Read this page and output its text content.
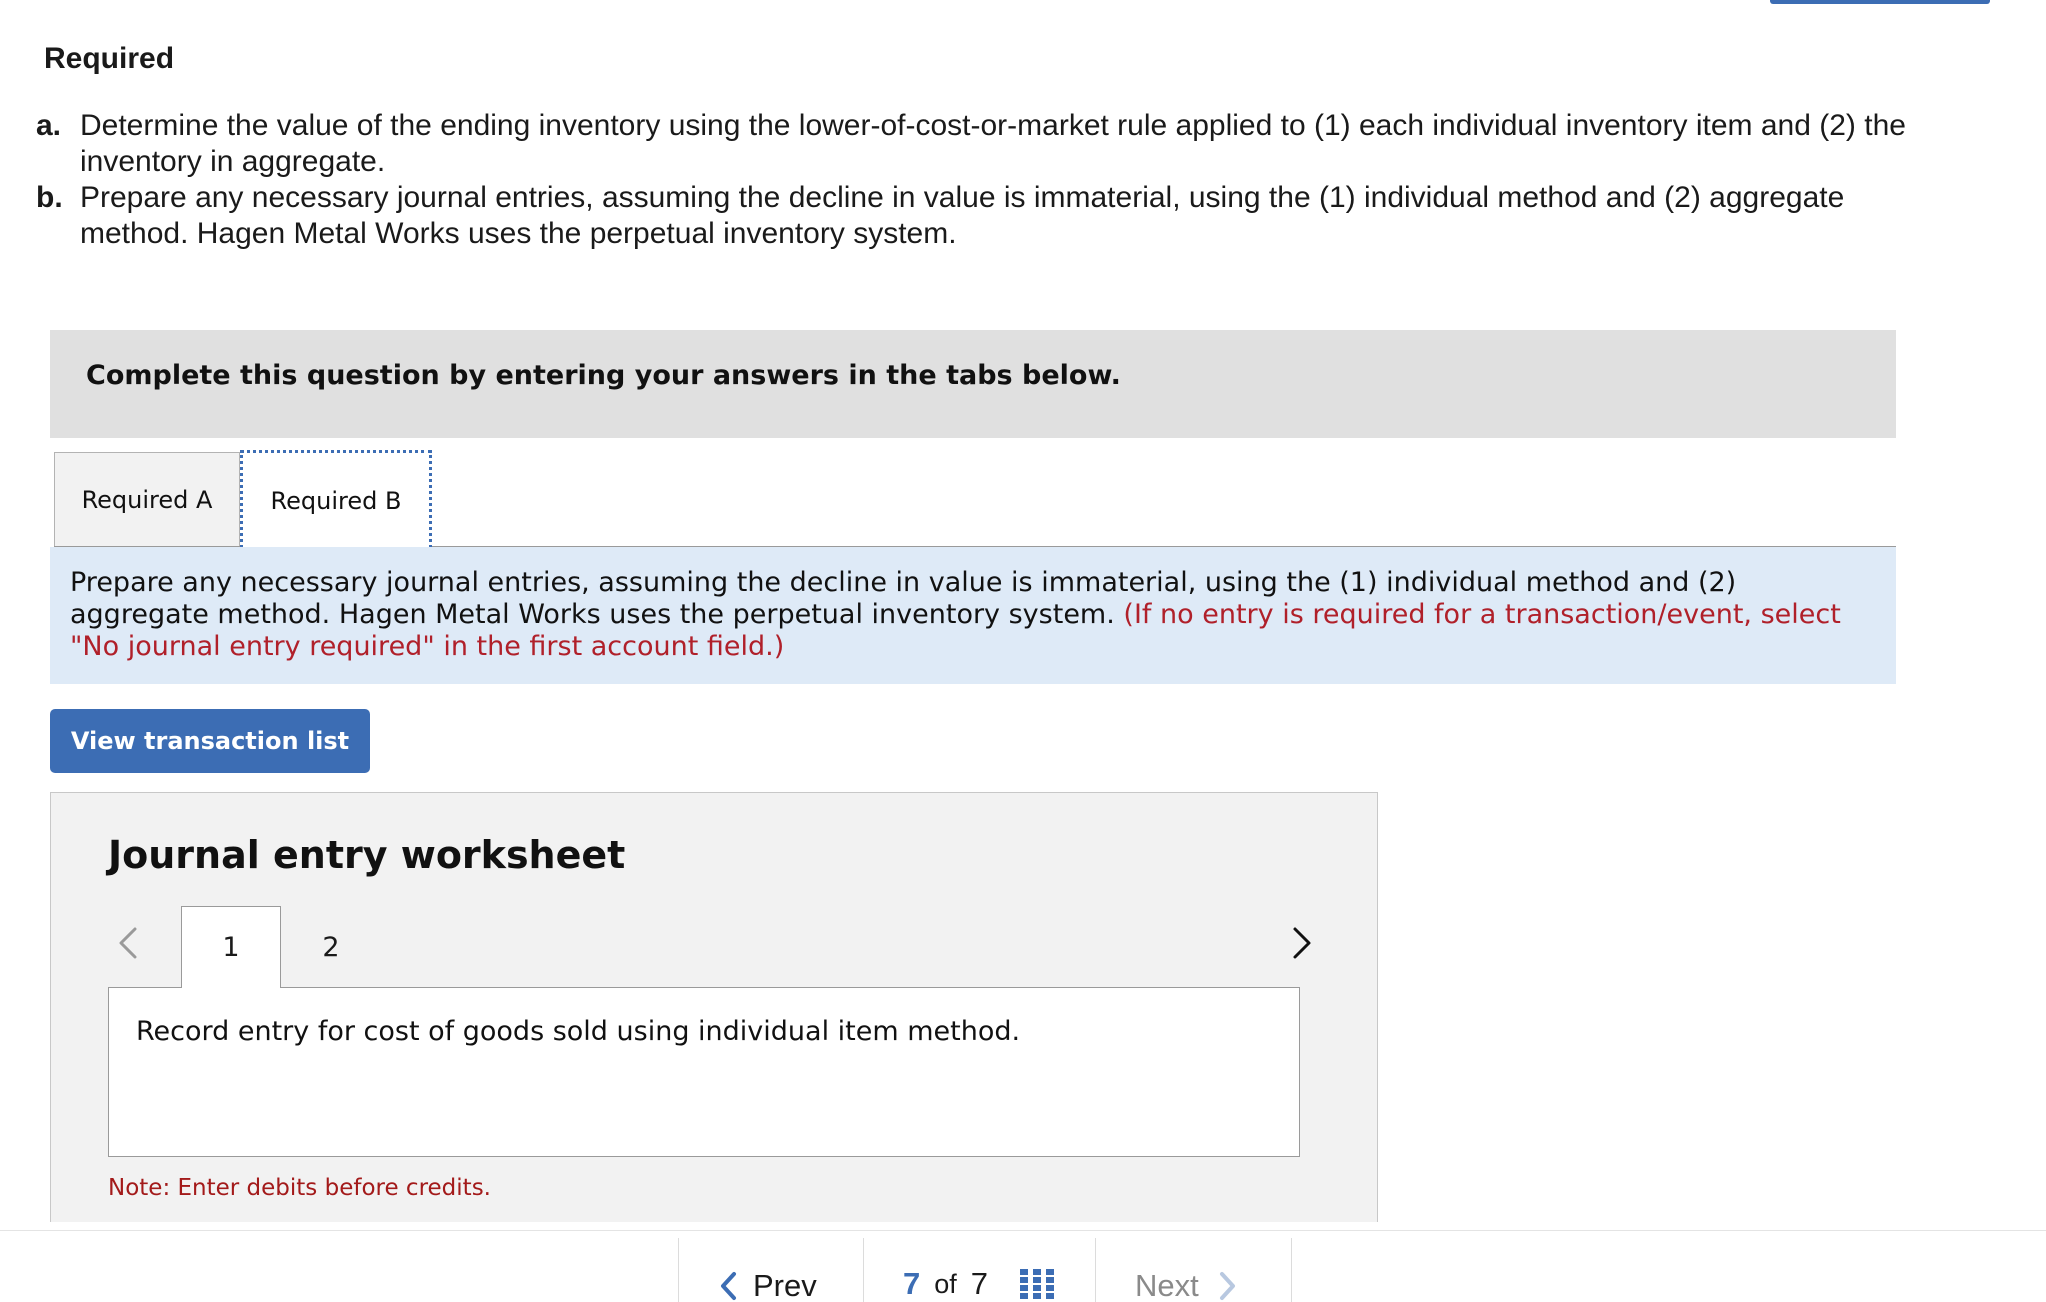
Required
a. Determine the value of the ending inventory using the lower-of-cost-or-market rule applied to (1) each individual inventory item and (2) the inventory in aggregate.
b. Prepare any necessary journal entries, assuming the decline in value is immaterial, using the (1) individual method and (2) aggregate method. Hagen Metal Works uses the perpetual inventory system.
Complete this question by entering your answers in the tabs below.
Required A	Required B
Prepare any necessary journal entries, assuming the decline in value is immaterial, using the (1) individual method and (2) aggregate method. Hagen Metal Works uses the perpetual inventory system. (If no entry is required for a transaction/event, select "No journal entry required" in the first account field.)
View transaction list
Journal entry worksheet
1	2
Record entry for cost of goods sold using individual item method.
Note: Enter debits before credits.
Prev	7 of 7	Next
